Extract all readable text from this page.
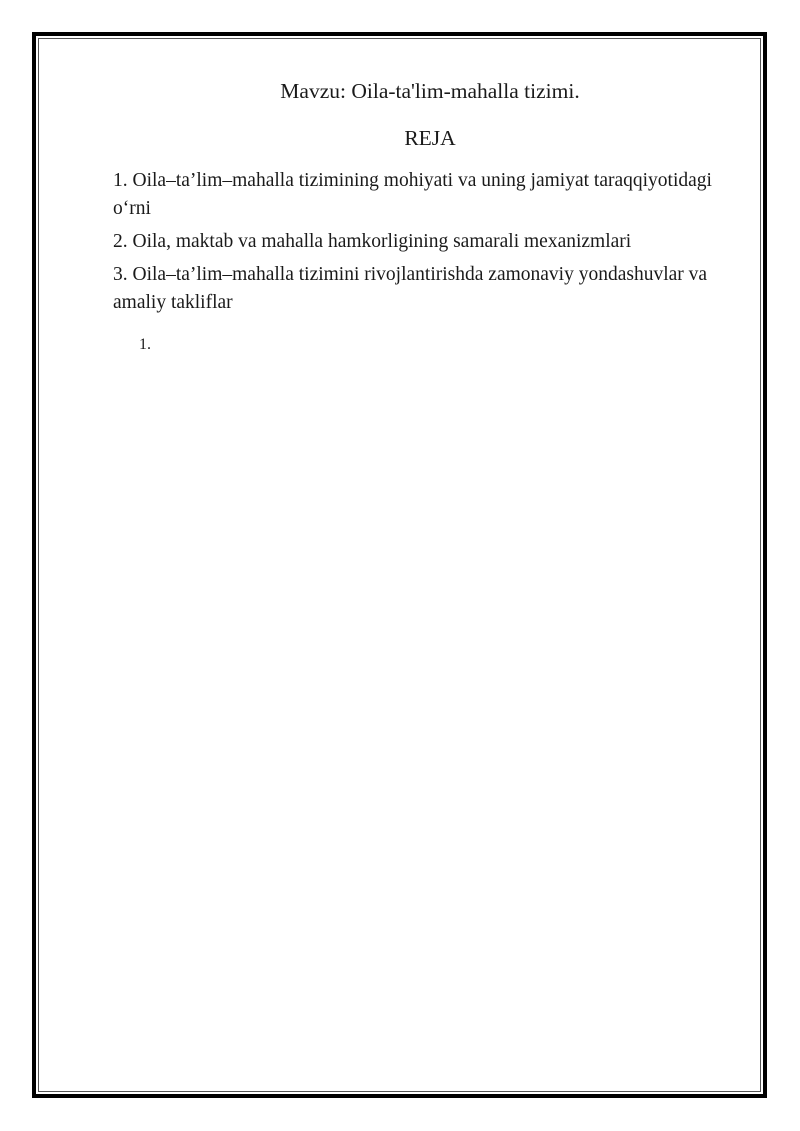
Mavzu: Oila-ta'lim-mahalla tizimi.
REJA

1. Oila–ta’lim–mahalla tizimining mohiyati va uning jamiyat taraqqiyotidagi o‘rni

2. Oila, maktab va mahalla hamkorligining samarali mexanizmlari

3. Oila–ta’lim–mahalla tizimini rivojlantirishda zamonaviy yondashuvlar va amaliy takliflar

1.
